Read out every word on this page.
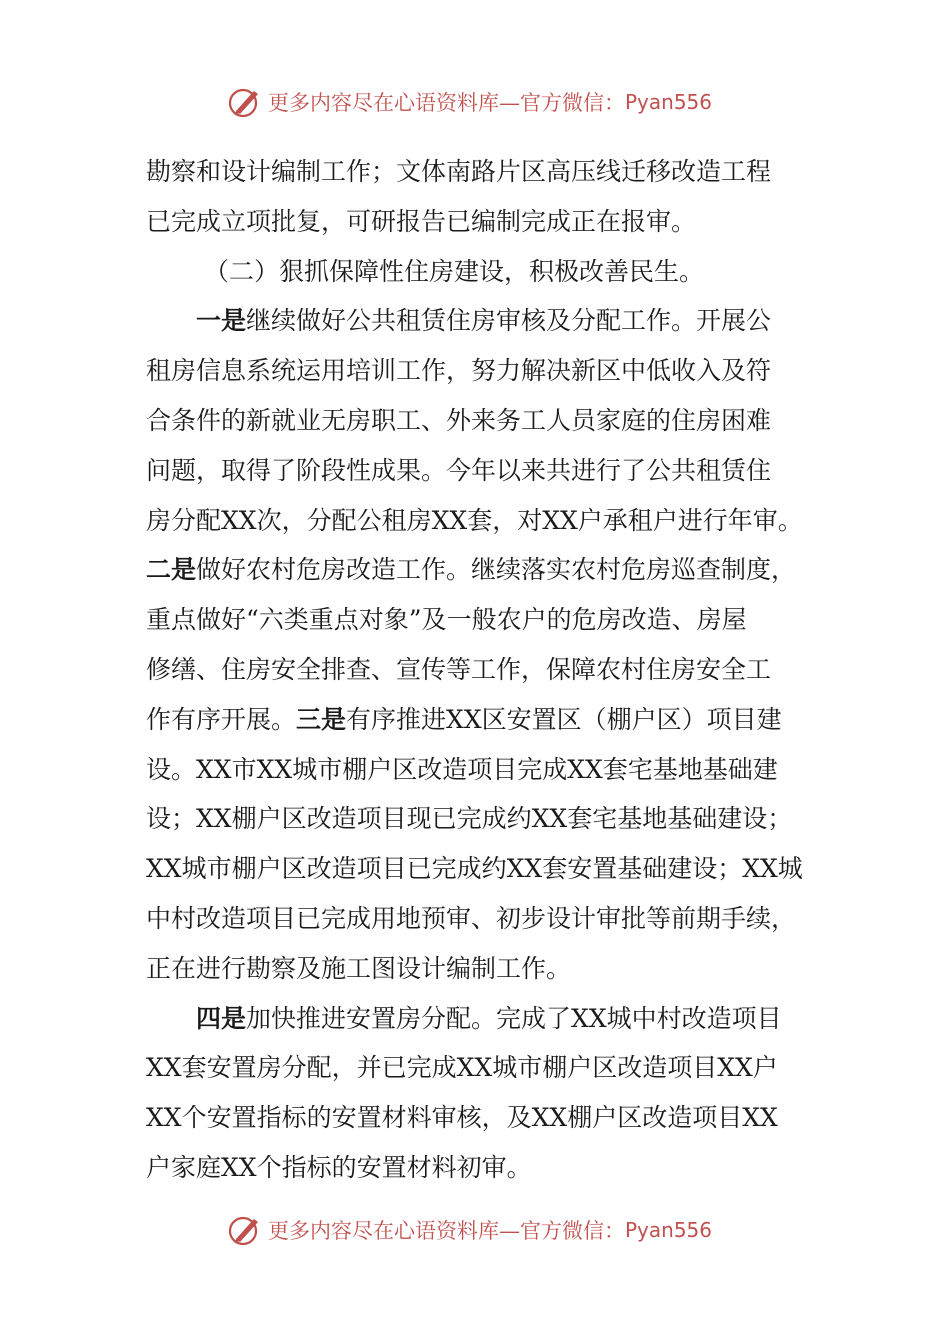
更多内容尽在心语资料库—官方微信： Pyan556
勘察和设计编制工作；文体南路片区高压线迁移改造工程
已完成立项批复，可研报告已编制完成正在报审。
（二）狠抓保障性住房建设，积极改善民生。
一是继续做好公共租赁住房审核及分配工作。开展公
租房信息系统运用培训工作，努力解决新区中低收入及符
合条件的新就业无房职工、外来务工人员家庭的住房困难
问题，取得了阶段性成果。今年以来共进行了公共租赁住
房分配XX次，分配公租房XX套，对XX户承租户进行年审。
二是做好农村危房改造工作。继续落实农村危房巡查制度，
重点做好“六类重点对象”及一般农户的危房改造、房屋
修缮、住房安全排查、宣传等工作，保障农村住房安全工
作有序开展。三是有序推进XX区安置区（棚户区）项目建
设。XX市XX城市棚户区改造项目完成XX套宅基地基础建
设；XX棚户区改造项目现已完成约XX套宅基地基础建设；
XX城市棚户区改造项目已完成约XX套安置基础建设；XX城
中村改造项目已完成用地预审、初步设计审批等前期手续，
正在进行勘察及施工图设计编制工作。
四是加快推进安置房分配。完成了XX城中村改造项目
XX套安置房分配，并已完成XX城市棚户区改造项目XX户
XX个安置指标的安置材料审核，及XX棚户区改造项目XX
户家庭XX个指标的安置材料初审。
更多内容尽在心语资料库—官方微信： Pyan556
